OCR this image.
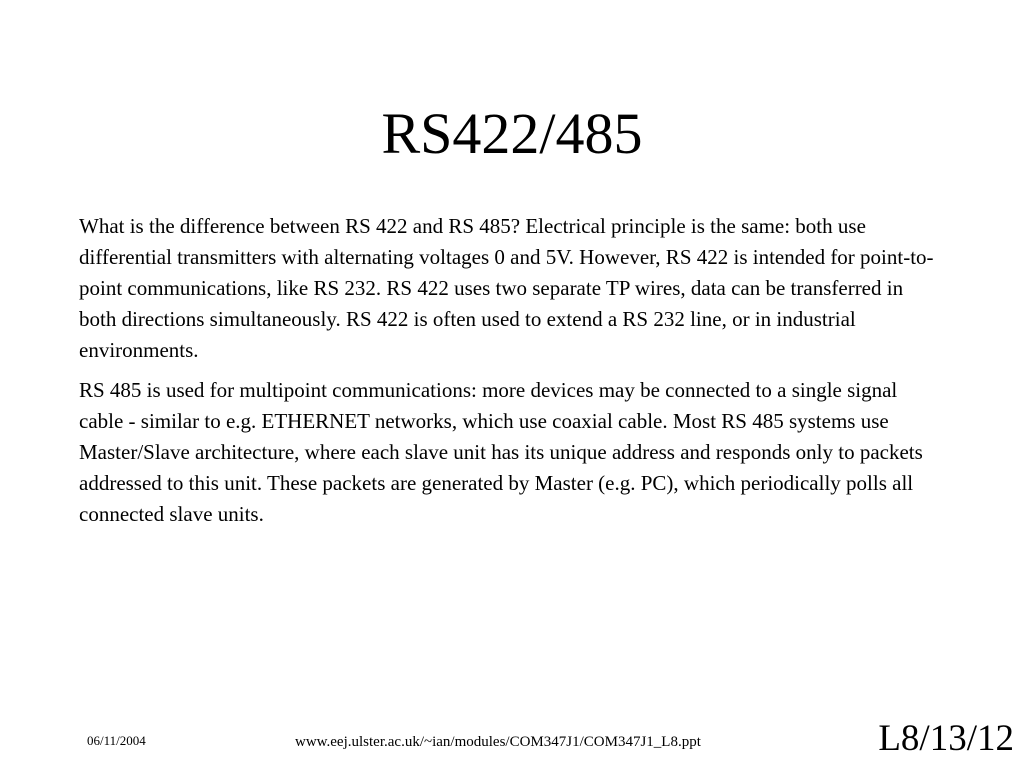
RS422/485

What is the difference between RS 422 and RS 485? Electrical principle is the same: both use differential transmitters with alternating voltages 0 and 5V. However, RS 422 is intended for point-to-point communications, like RS 232. RS 422 uses two separate TP wires, data can be transferred in both directions simultaneously. RS 422 is often used to extend a RS 232 line, or in industrial environments.

RS 485 is used for multipoint communications: more devices may be connected to a single signal cable - similar to e.g. ETHERNET networks, which use coaxial cable. Most RS 485 systems use Master/Slave architecture, where each slave unit has its unique address and responds only to packets addressed to this unit. These packets are generated by Master (e.g. PC), which periodically polls all connected slave units.

06/11/2004	www.eej.ulster.ac.uk/~ian/modules/COM347J1/COM347J1_L8.ppt	L8/13/12
